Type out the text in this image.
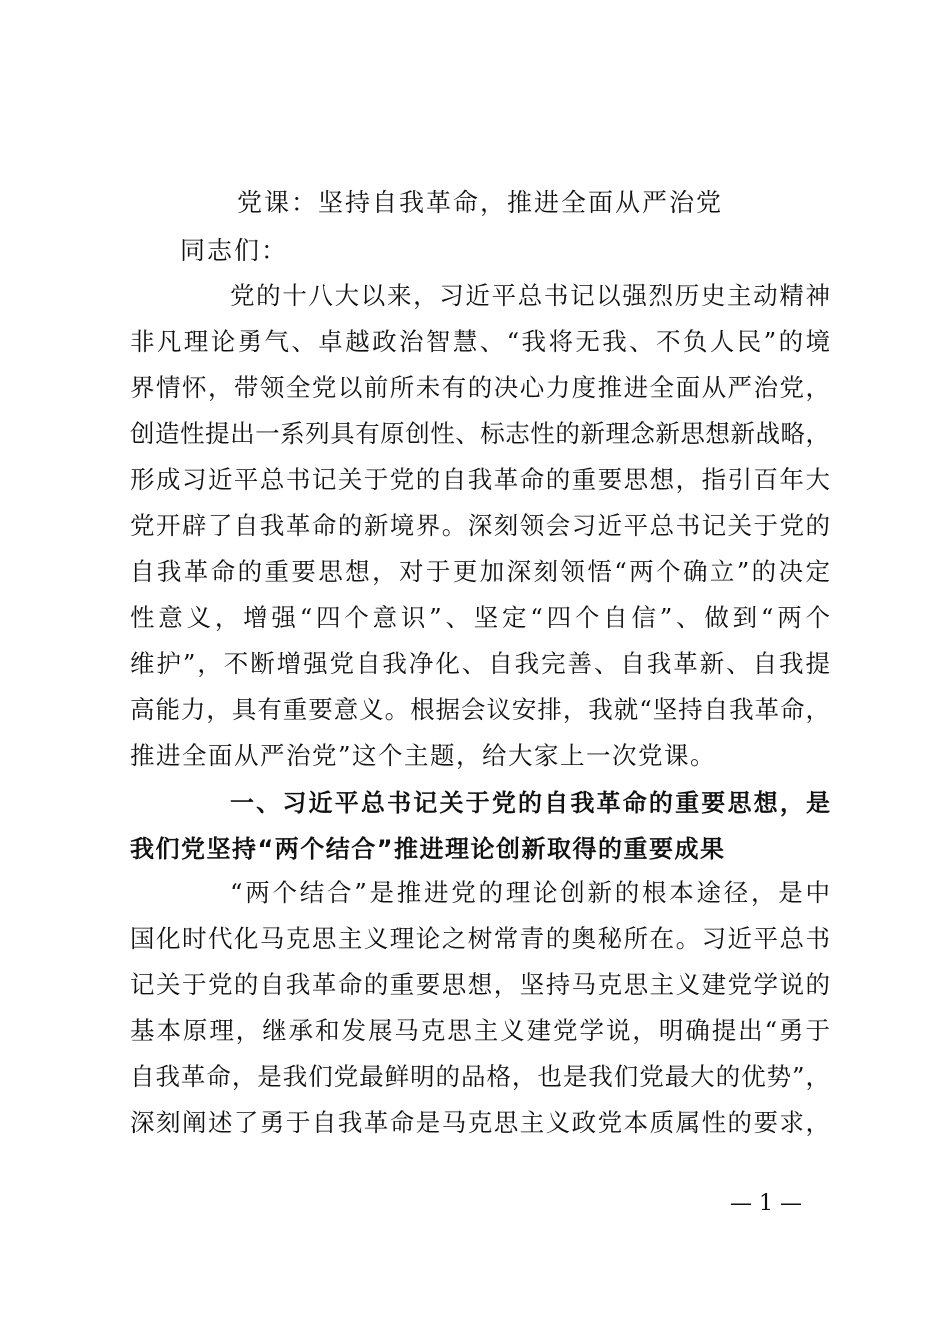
党课：坚持自我革命，推进全面从严治党
同志们：
党的十八大以来，习近平总书记以强烈历史主动精神
非凡理论勇气、卓越政治智慧、“我将无我、不负人民”的境
界情怀，带领全党以前所未有的决心力度推进全面从严治党，
创造性提出一系列具有原创性、标志性的新理念新思想新战略，
形成习近平总书记关于党的自我革命的重要思想，指引百年大
党开辟了自我革命的新境界。深刻领会习近平总书记关于党的
自我革命的重要思想，对于更加深刻领悟“两个确立”的决定
性意义，增强“四个意识”、坚定“四个自信”、做到“两个
维护”，不断增强党自我净化、自我完善、自我革新、自我提
高能力，具有重要意义。根据会议安排，我就“坚持自我革命，
推进全面从严治党”这个主题，给大家上一次党课。
一、习近平总书记关于党的自我革命的重要思想，是
我们党坚持“两个结合”推进理论创新取得的重要成果
“两个结合”是推进党的理论创新的根本途径，是中
国化时代化马克思主义理论之树常青的奥秘所在。习近平总书
记关于党的自我革命的重要思想，坚持马克思主义建党学说的
基本原理，继承和发展马克思主义建党学说，明确提出“勇于
自我革命，是我们党最鲜明的品格，也是我们党最大的优势”，
深刻阐述了勇于自我革命是马克思主义政党本质属性的要求，
— 1 —
